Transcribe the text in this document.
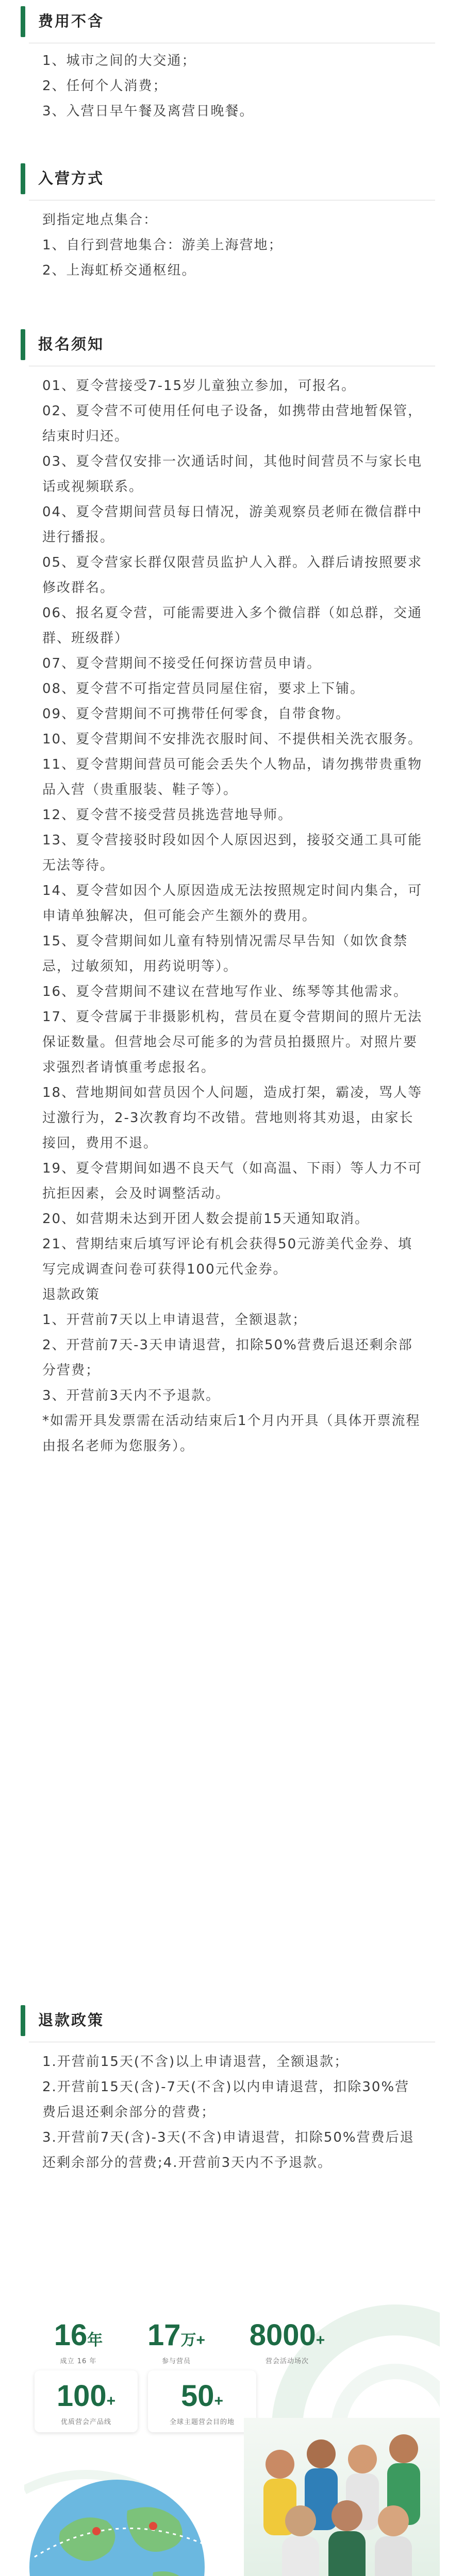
费用不含
1、城市之间的大交通；
2、任何个人消费；
3、入营日早午餐及离营日晚餐。
入营方式
到指定地点集合：
1、自行到营地集合：游美上海营地；
2、上海虹桥交通枢纽。
报名须知
01、夏令营接受7-15岁儿童独立参加，可报名。
02、夏令营不可使用任何电子设备，如携带由营地暂保管，结束时归还。
03、夏令营仅安排一次通话时间，其他时间营员不与家长电话或视频联系。
04、夏令营期间营员每日情况，游美观察员老师在微信群中进行播报。
05、夏令营家长群仅限营员监护人入群。入群后请按照要求修改群名。
06、报名夏令营，可能需要进入多个微信群（如总群，交通群、班级群）
07、夏令营期间不接受任何探访营员申请。
08、夏令营不可指定营员同屋住宿，要求上下铺。
09、夏令营期间不可携带任何零食，自带食物。
10、夏令营期间不安排洗衣服时间、不提供相关洗衣服务。
11、夏令营期间营员可能会丢失个人物品，请勿携带贵重物品入营（贵重服装、鞋子等）。
12、夏令营不接受营员挑选营地导师。
13、夏令营接驳时段如因个人原因迟到，接驳交通工具可能无法等待。
14、夏令营如因个人原因造成无法按照规定时间内集合，可申请单独解决，但可能会产生额外的费用。
15、夏令营期间如儿童有特别情况需尽早告知（如饮食禁忌，过敏须知，用药说明等）。
16、夏令营期间不建议在营地写作业、练琴等其他需求。
17、夏令营属于非摄影机构，营员在夏令营期间的照片无法保证数量。但营地会尽可能多的为营员拍摄照片。对照片要求强烈者请慎重考虑报名。
18、营地期间如营员因个人问题，造成打架，霸凌，骂人等过激行为，2-3次教育均不改错。营地则将其劝退，由家长接回，费用不退。
19、夏令营期间如遇不良天气（如高温、下雨）等人力不可抗拒因素，会及时调整活动。
20、如营期未达到开团人数会提前15天通知取消。
21、营期结束后填写评论有机会获得50元游美代金券、填写完成调查问卷可获得100元代金券。
退款政策
1、开营前7天以上申请退营，全额退款；
2、开营前7天-3天申请退营，扣除50%营费后退还剩余部分营费；
3、开营前3天内不予退款。
*如需开具发票需在活动结束后1个月内开具（具体开票流程由报名老师为您服务）。
退款政策
1.开营前15天(不含)以上申请退营，全额退款；
2.开营前15天(含)-7天(不含)以内申请退营，扣除30%营费后退还剩余部分的营费；
3.开营前7天(含)-3天(不含)申请退营，扣除50%营费后退还剩余部分的营费;4.开营前3天内不予退款。
16年
成立 16 年
17万+
参与营员
8000+
营会活动场次
100+
优质营会产品线
50+
全球主题营会目的地
